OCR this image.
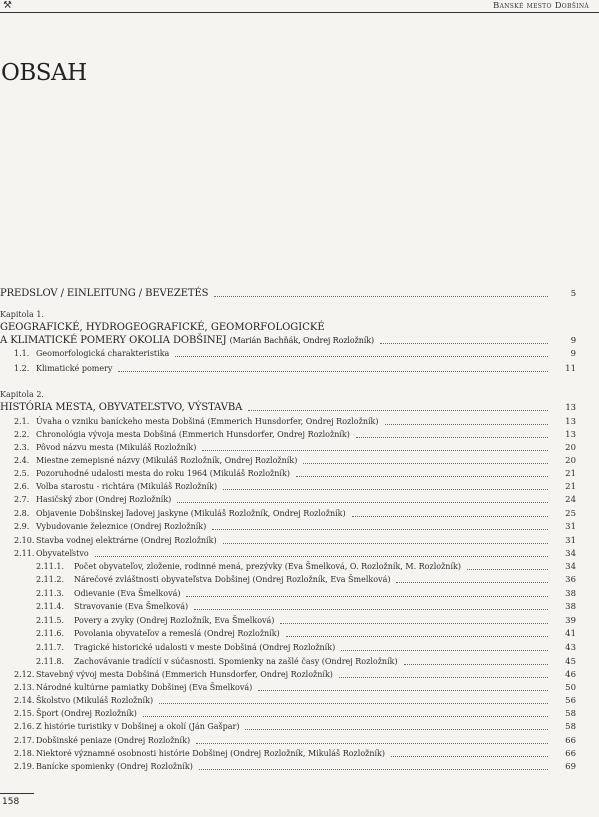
⚒	Banské mesto Dobšiná
OBSAH
PREDSLOV / EINLEITUNG / BEVEZETÉS	5
Kapitola 1.
GEOGRAFICKÉ, HYDROGEOGRAFICKÉ, GEOMORFOLOGICKÉ
A KLIMATICKÉ POMERY OKOLIA DOBŠINEJ (Marián Bachňák, Ondrej Rozložník)	9
1.1. Geomorfologická charakteristika	9
1.2. Klimatické pomery	11
Kapitola 2.
HISTÓRIA MESTA, OBYVATEĽSTVO, VÝSTAVBA	13
2.1. Úvaha o vzniku baníckeho mesta Dobšiná (Emmerich Hunsdorfer, Ondrej Rozložník)	13
2.2. Chronológia vývoja mesta Dobšiná (Emmerich Hunsdorfer, Ondrej Rozložník)	13
2.3. Pôvod názvu mesta (Mikuláš Rozložník)	20
2.4. Miestne zemepisné názvy (Mikuláš Rozložník, Ondrej Rozložník)	20
2.5. Pozoruhodné udalosti mesta do roku 1964 (Mikuláš Rozložník)	21
2.6. Volba starostu - richtára (Mikuláš Rozložník)	21
2.7. Hasičský zbor (Ondrej Rozložník)	24
2.8. Objavenie Dobšinskej ľadovej jaskyne (Mikuláš Rozložník, Ondrej Rozložník)	25
2.9. Vybudovanie železnice (Ondrej Rozložník)	31
2.10. Stavba vodnej elektrárne (Ondrej Rozložník)	31
2.11. Obyvateľstvo	34
2.11.1.	Počet obyvateľov, zloženie, rodinné mená, prezývky (Eva Šmelková, O. Rozložník, M. Rozložník)	34
2.11.2.	Nárečové zvláštnosti obyvateľstva Dobšinej (Ondrej Rozložník, Eva Šmelková)	36
2.11.3.	Odievanie (Eva Šmelková)	38
2.11.4.	Stravovanie (Eva Šmelková)	38
2.11.5.	Povery a zvyky (Ondrej Rozložník, Eva Šmelková)	39
2.11.6.	Povolania obyvateľov a remeslá (Ondrej Rozložník)	41
2.11.7.	Tragické historické udalosti v meste Dobšiná (Ondrej Rozložník)	43
2.11.8.	Zachovávanie tradícií v súčasnosti. Spomienky na zašlé časy (Ondrej Rozložník)	45
2.12. Stavebný vývoj mesta Dobšiná (Emmerich Hunsdorfer, Ondrej Rozložník)	46
2.13. Národné kultúrne pamiatky Dobšinej (Eva Šmelková)	50
2.14. Školstvo (Mikuláš Rozložník)	56
2.15. Šport (Ondrej Rozložník)	58
2.16. Z histórie turistiky v Dobšinej a okolí (Ján Gašpar)	58
2.17. Dobšinské peniaze (Ondrej Rozložník)	66
2.18. Niektoré významné osobnosti histórie Dobšinej (Ondrej Rozložník, Mikuláš Rozložník)	66
2.19. Banícke spomienky (Ondrej Rozložník)	69
158
